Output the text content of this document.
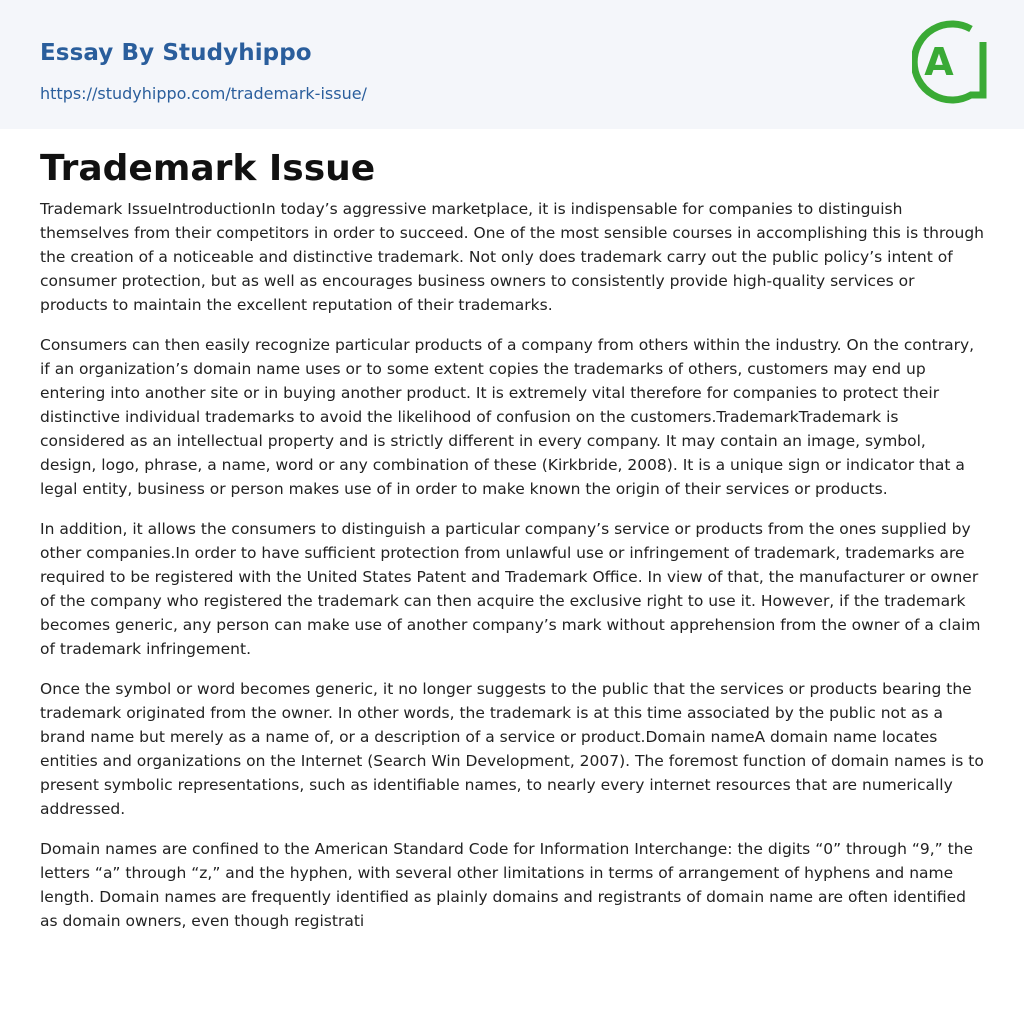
Essay By Studyhippo
https://studyhippo.com/trademark-issue/
A
Trademark Issue

Trademark IssueIntroductionIn today’s aggressive marketplace, it is indispensable for companies to distinguish themselves from their competitors in order to succeed. One of the most sensible courses in accomplishing this is through the creation of a noticeable and distinctive trademark. Not only does trademark carry out the public policy’s intent of consumer protection, but as well as encourages business owners to consistently provide high-quality services or products to maintain the excellent reputation of their trademarks.

Consumers can then easily recognize particular products of a company from others within the industry. On the contrary, if an organization’s domain name uses or to some extent copies the trademarks of others, customers may end up entering into another site or in buying another product. It is extremely vital therefore for companies to protect their distinctive individual trademarks to avoid the likelihood of confusion on the customers.TrademarkTrademark is considered as an intellectual property and is strictly different in every company. It may contain an image, symbol, design, logo, phrase, a name, word or any combination of these (Kirkbride, 2008). It is a unique sign or indicator that a legal entity, business or person makes use of in order to make known the origin of their services or products.

In addition, it allows the consumers to distinguish a particular company’s service or products from the ones supplied by other companies.In order to have sufficient protection from unlawful use or infringement of trademark, trademarks are required to be registered with the United States Patent and Trademark Office. In view of that, the manufacturer or owner of the company who registered the trademark can then acquire the exclusive right to use it. However, if the trademark becomes generic, any person can make use of another company’s mark without apprehension from the owner of a claim of trademark infringement.

Once the symbol or word becomes generic, it no longer suggests to the public that the services or products bearing the trademark originated from the owner. In other words, the trademark is at this time associated by the public not as a brand name but merely as a name of, or a description of a service or product.Domain nameA domain name locates entities and organizations on the Internet (Search Win Development, 2007). The foremost function of domain names is to present symbolic representations, such as identifiable names, to nearly every internet resources that are numerically addressed.

Domain names are confined to the American Standard Code for Information Interchange: the digits “0” through “9,” the letters “a” through “z,” and the hyphen, with several other limitations in terms of arrangement of hyphens and name length. Domain names are frequently identified as plainly domains and registrants of domain name are often identified as domain owners, even though registrati
